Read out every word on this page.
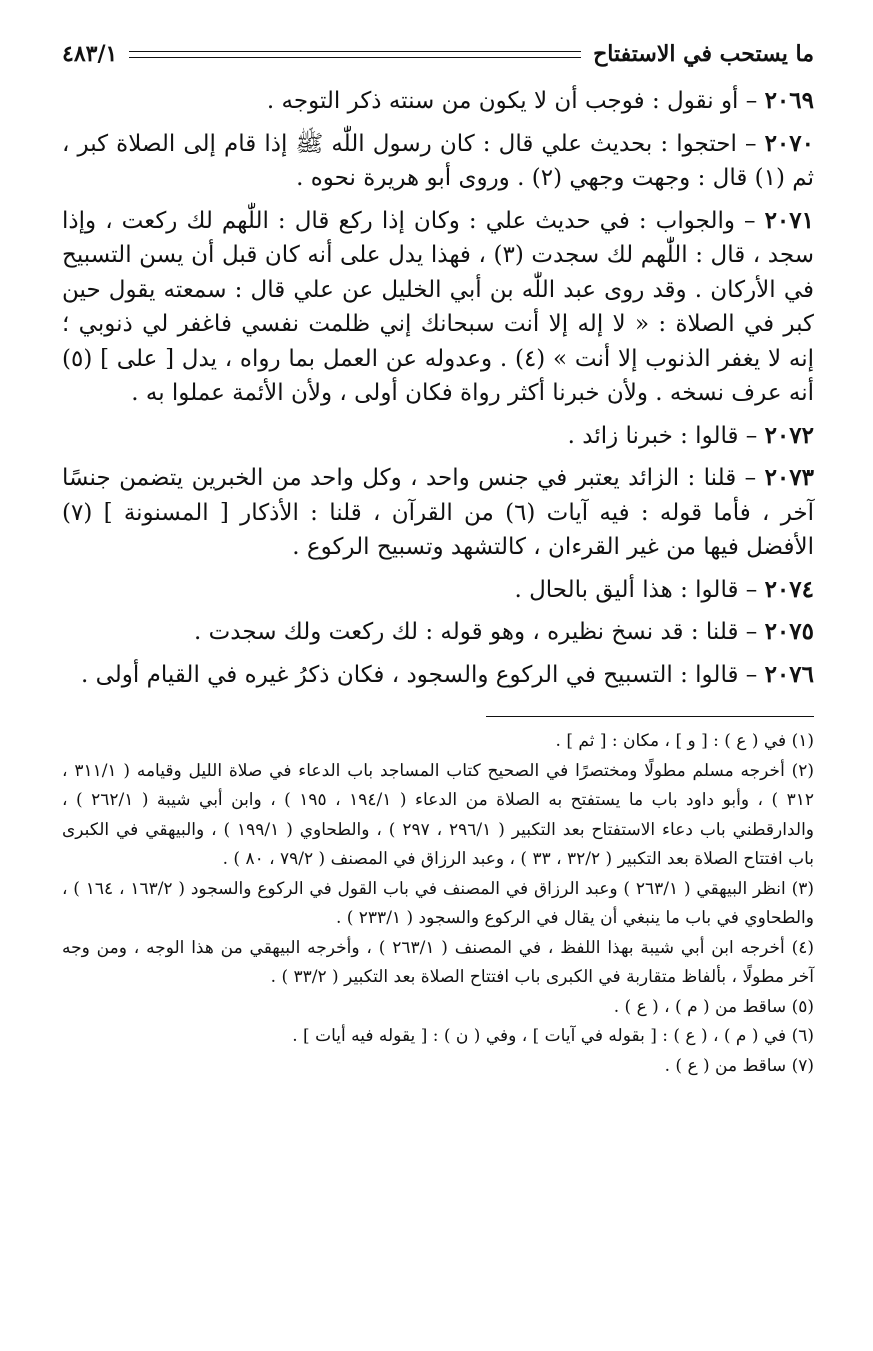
ما يستحب في الاستفتاح
٤٨٣/١

٢٠٦٩ – أو نقول : فوجب أن لا يكون من سنته ذكر التوجه .

٢٠٧٠ – احتجوا : بحديث علي قال : كان رسول اللّٰه ﷺ إذا قام إلى الصلاة كبر ، ثم (١) قال : وجهت وجهي (٢) . وروى أبو هريرة نحوه .

٢٠٧١ – والجواب : في حديث علي : وكان إذا ركع قال : اللّٰهم لك ركعت ، وإذا سجد ، قال : اللّٰهم لك سجدت (٣) ، فهذا يدل على أنه كان قبل أن يسن التسبيح في الأركان . وقد روى عبد اللّٰه بن أبي الخليل عن علي قال : سمعته يقول حين كبر في الصلاة : « لا إله إلا أنت سبحانك إني ظلمت نفسي فاغفر لي ذنوبي ؛ إنه لا يغفر الذنوب إلا أنت » (٤) . وعدوله عن العمل بما رواه ، يدل [ على ] (٥) أنه عرف نسخه . ولأن خبرنا أكثر رواة فكان أولى ، ولأن الأئمة عملوا به .

٢٠٧٢ – قالوا : خبرنا زائد .

٢٠٧٣ – قلنا : الزائد يعتبر في جنس واحد ، وكل واحد من الخبرين يتضمن جنسًا آخر ، فأما قوله : فيه آيات (٦) من القرآن ، قلنا : الأذكار [ المسنونة ] (٧) الأفضل فيها من غير القرءان ، كالتشهد وتسبيح الركوع .

٢٠٧٤ – قالوا : هذا أليق بالحال .

٢٠٧٥ – قلنا : قد نسخ نظيره ، وهو قوله : لك ركعت ولك سجدت .

٢٠٧٦ – قالوا : التسبيح في الركوع والسجود ، فكان ذكرُ غيره في القيام أولى .

(١) في ( ع ) : [ و ] ، مكان : [ ثم ] .

(٢) أخرجه مسلم مطولًا ومختصرًا في الصحيح كتاب المساجد باب الدعاء في صلاة الليل وقيامه ( ٣١١/١ ، ٣١٢ ) ، وأبو داود باب ما يستفتح به الصلاة من الدعاء ( ١٩٤/١ ، ١٩٥ ) ، وابن أبي شيبة ( ٢٦٢/١ ) ، والدارقطني باب دعاء الاستفتاح بعد التكبير ( ٢٩٦/١ ، ٢٩٧ ) ، والطحاوي ( ١٩٩/١ ) ، والبيهقي في الكبرى باب افتتاح الصلاة بعد التكبير ( ٣٢/٢ ، ٣٣ ) ، وعبد الرزاق في المصنف ( ٧٩/٢ ، ٨٠ ) .

(٣) انظر البيهقي ( ٢٦٣/١ ) وعبد الرزاق في المصنف في باب القول في الركوع والسجود ( ١٦٣/٢ ، ١٦٤ ) ، والطحاوي في باب ما ينبغي أن يقال في الركوع والسجود ( ٢٣٣/١ ) .

(٤) أخرجه ابن أبي شيبة بهذا اللفظ ، في المصنف ( ٢٦٣/١ ) ، وأخرجه البيهقي من هذا الوجه ، ومن وجه آخر مطولًا ، بألفاظ متقاربة في الكبرى باب افتتاح الصلاة بعد التكبير ( ٣٣/٢ ) .

(٥) ساقط من ( م ) ، ( ع ) .

(٦) في ( م ) ، ( ع ) : [ بقوله في آيات ] ، وفي ( ن ) : [ يقوله فيه أيات ] .

(٧) ساقط من ( ع ) .
